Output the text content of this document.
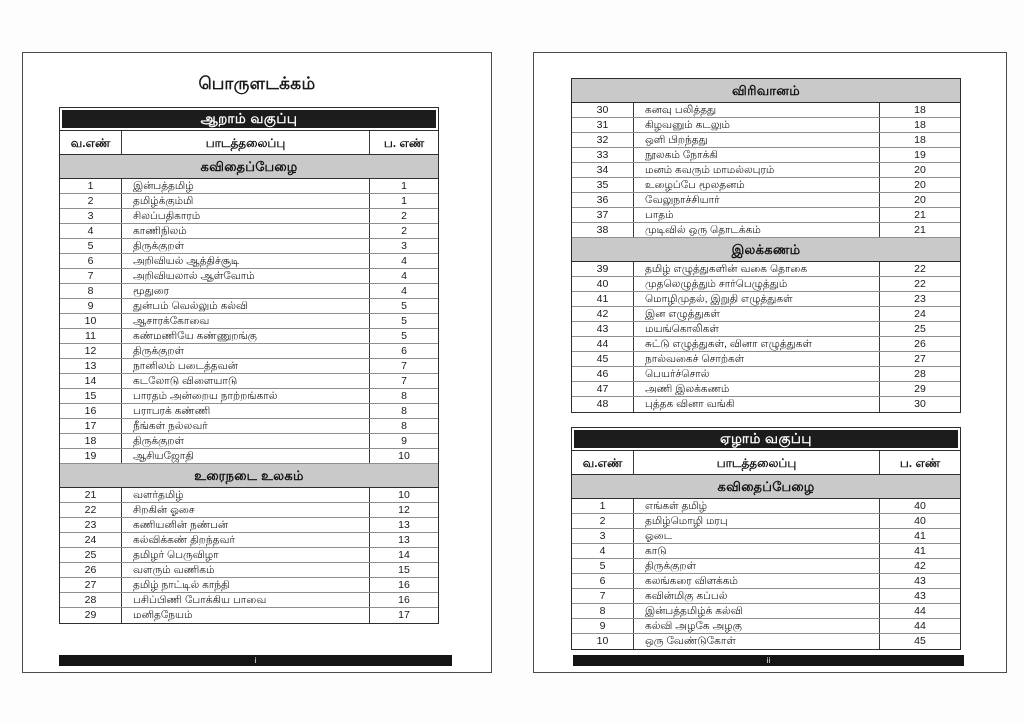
பொருளடக்கம்
ஆறாம் வகுப்பு
வ.எண்	பாடத்தலைப்பு	ப. எண்
கவிதைப்பேழை
1	இன்பத்தமிழ்	1
2	தமிழ்க்கும்மி	1
3	சிலப்பதிகாரம்	2
4	காணிநிலம்	2
5	திருக்குறள்	3
6	அறிவியல் ஆத்திச்சூடி	4
7	அறிவியலால் ஆள்வோம்	4
8	மூதுரை	4
9	துன்பம் வெல்லும் கல்வி	5
10	ஆசாரக்கோவை	5
11	கண்மணியே கண்ணுறங்கு	5
12	திருக்குறள்	6
13	நானிலம் படைத்தவன்	7
14	கடலோடு விளையாடு	7
15	பாரதம் அன்றைய நாற்றங்கால்	8
16	பராபரக் கண்ணி	8
17	நீங்கள் நல்லவர்	8
18	திருக்குறள்	9
19	ஆசியஜோதி	10
உரைநடை உலகம்
21	வளர்தமிழ்	10
22	சிறகின் ஓசை	12
23	கணியனின் நண்பன்	13
24	கல்விக்கண் திறந்தவர்	13
25	தமிழர் பெருவிழா	14
26	வளரும் வணிகம்	15
27	தமிழ் நாட்டில் காந்தி	16
28	பசிப்பிணி போக்கிய பாவை	16
29	மனிதநேயம்	17
i
விரிவானம்
30	கனவு பலித்தது	18
31	கிழவனும் கடலும்	18
32	ஒளி பிறந்தது	18
33	நூலகம் நோக்கி	19
34	மனம் கவரும் மாமல்லபுரம்	20
35	உழைப்பே மூலதனம்	20
36	வேலுநாச்சியார்	20
37	பாதம்	21
38	முடிவில் ஒரு தொடக்கம்	21
இலக்கணம்
39	தமிழ் எழுத்துகளின் வகை தொகை	22
40	முதலெழுத்தும் சார்பெழுத்தும்	22
41	மொழிமுதல், இறுதி எழுத்துகள்	23
42	இன எழுத்துகள்	24
43	மயங்கொலிகள்	25
44	சுட்டு எழுத்துகள், வினா எழுத்துகள்	26
45	நால்வகைச் சொற்கள்	27
46	பெயர்ச்சொல்	28
47	அணி இலக்கணம்	29
48	புத்தக வினா வங்கி	30
ஏழாம் வகுப்பு
வ.எண்	பாடத்தலைப்பு	ப. எண்
கவிதைப்பேழை
1	எங்கள் தமிழ்	40
2	தமிழ்மொழி மரபு	40
3	ஓடை	41
4	காடு	41
5	திருக்குறள்	42
6	கலங்கரை விளக்கம்	43
7	கவின்மிகு கப்பல்	43
8	இன்பத்தமிழ்க் கல்வி	44
9	கல்வி அழகே அழகு	44
10	ஒரு வேண்டுகோள்	45
ii
